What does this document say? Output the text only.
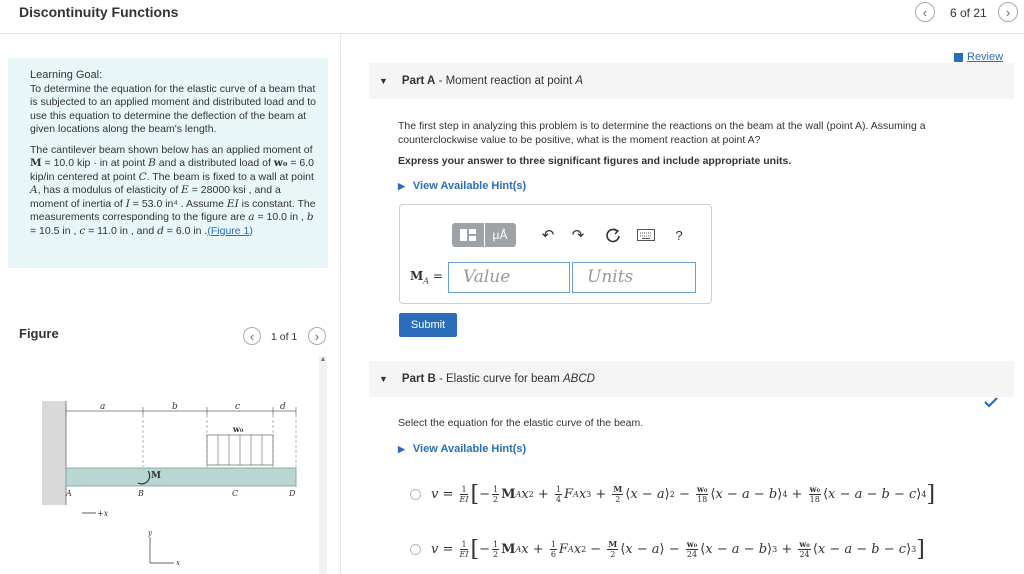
Discontinuity Functions	‹ 6 of 21 ›

Learning Goal:

To determine the equation for the elastic curve of a beam that is subjected to an applied moment and distributed load and to use this equation to determine the deflection of the beam at given locations along the beam's length.

The cantilever beam shown below has an applied moment of M = 10.0 kip · in at point B and a distributed load of w₀ = 6.0 kip/in centered at point C. The beam is fixed to a wall at point A, has a modulus of elasticity of E = 28000 ksi , and a moment of inertia of I = 53.0 in⁴ . Assume EI is constant. The measurements corresponding to the figure are a = 10.0 in , b = 10.5 in , c = 11.0 in , and d = 6.0 in .(Figure 1)

Figure	‹ 1 of 1 ›
a	b	c	d
w₀
M
A	B	C	D
+x
y
x
▲
Review
▼ Part A - Moment reaction at point A
The first step in analyzing this problem is to determine the reactions on the beam at the wall (point A). Assuming a counterclockwise value to be positive, what is the moment reaction at point A?
Express your answer to three significant figures and include appropriate units.
▶ View Available Hint(s)
μÅ	↶ ↷	?
$M_A$ =	Value	Units
Submit
▼ Part B - Elastic curve for beam ABCD
Select the equation for the elastic curve of the beam.
▶ View Available Hint(s)
$v = \frac{1}{EI}$ [ − $\frac{1}{2}$ M A x $2 + \frac{1}{4}$ F A x $3 + \frac{M}{2}$ ⟨ x − a ⟩ $2 - \frac{\text{w₀}}{18}$ ⟨ x − a − b ⟩ $4 + \frac{\text{w₀}}{18}$ ⟨ x − a − b − c ⟩ 4 ]
$v = \frac{1}{EI}$ [ − $\frac{1}{2}$ M A $x + \frac{1}{6}$ F A x $2 - \frac{M}{2}$ ⟨ x − a ⟩ − $\frac{\text{w₀}}{24}$ ⟨ x − a − b ⟩ $3 + \frac{\text{w₀}}{24}$ ⟨ x − a − b − c ⟩ 3 ]
